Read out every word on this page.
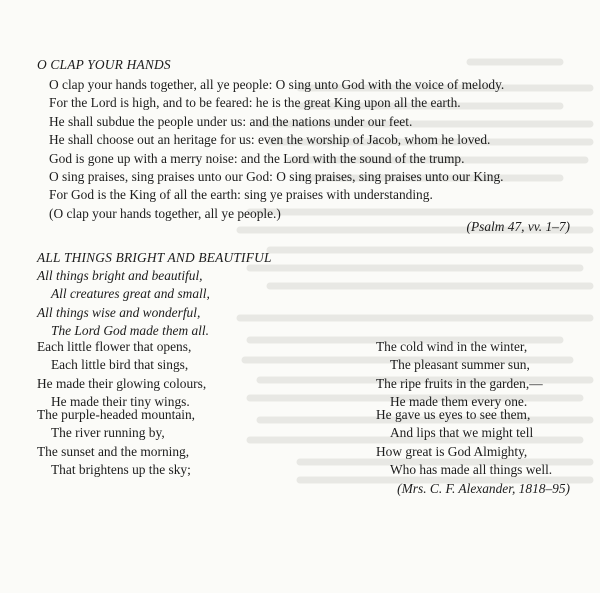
O CLAP YOUR HANDS
O clap your hands together, all ye people: O sing unto God with the voice of melody.
For the Lord is high, and to be feared: he is the great King upon all the earth.
He shall subdue the people under us: and the nations under our feet.
He shall choose out an heritage for us: even the worship of Jacob, whom he loved.
God is gone up with a merry noise: and the Lord with the sound of the trump.
O sing praises, sing praises unto our God: O sing praises, sing praises unto our King.
For God is the King of all the earth: sing ye praises with understanding.
(O clap your hands together, all ye people.)
(Psalm 47, vv. 1–7)
ALL THINGS BRIGHT AND BEAUTIFUL
All things bright and beautiful,
All creatures great and small,
All things wise and wonderful,
The Lord God made them all.
Each little flower that opens,
Each little bird that sings,
He made their glowing colours,
He made their tiny wings.
The purple-headed mountain,
The river running by,
The sunset and the morning,
That brightens up the sky;
The cold wind in the winter,
The pleasant summer sun,
The ripe fruits in the garden,—
He made them every one.
He gave us eyes to see them,
And lips that we might tell
How great is God Almighty,
Who has made all things well.
(Mrs. C. F. Alexander, 1818–95)
